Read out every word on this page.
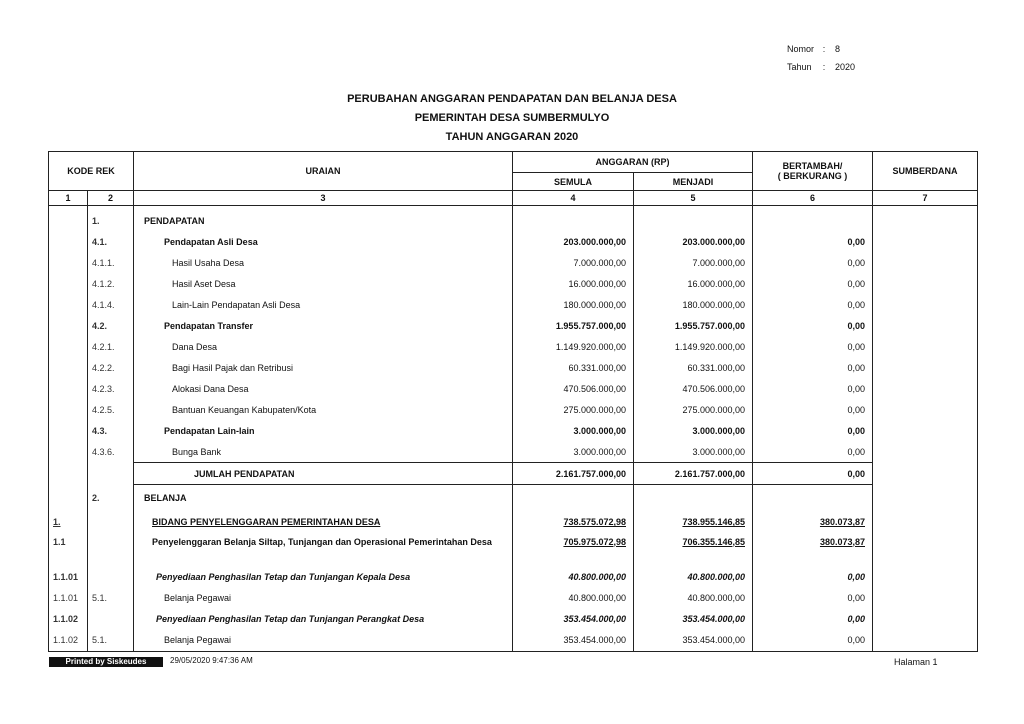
Nomor :	8
Tahun	:	2020
PERUBAHAN ANGGARAN PENDAPATAN DAN BELANJA DESA
PEMERINTAH DESA SUMBERMULYO
TAHUN ANGGARAN 2020
KODE REK		URAIAN	ANGGARAN (RP)		BERTAMBAH/
( BERKURANG )	SUMBERDANA
			SEMULA	MENJADI		
1	2	3	4	5	6	7
	1.	PENDAPATAN				
	4.1.	Pendapatan Asli Desa	203.000.000,00	203.000.000,00	0,00	
	4.1.1.	Hasil Usaha Desa	7.000.000,00	7.000.000,00	0,00	
	4.1.2.	Hasil Aset Desa	16.000.000,00	16.000.000,00	0,00	
	4.1.4.	Lain-Lain Pendapatan Asli Desa	180.000.000,00	180.000.000,00	0,00	
	4.2.	Pendapatan Transfer	1.955.757.000,00	1.955.757.000,00	0,00	
	4.2.1.	Dana Desa	1.149.920.000,00	1.149.920.000,00	0,00	
	4.2.2.	Bagi Hasil Pajak dan Retribusi	60.331.000,00	60.331.000,00	0,00	
	4.2.3.	Alokasi Dana Desa	470.506.000,00	470.506.000,00	0,00	
	4.2.5.	Bantuan Keuangan Kabupaten/Kota	275.000.000,00	275.000.000,00	0,00	
	4.3.	Pendapatan Lain-lain	3.000.000,00	3.000.000,00	0,00	
	4.3.6.	Bunga Bank	3.000.000,00	3.000.000,00	0,00	
		JUMLAH PENDAPATAN	2.161.757.000,00	2.161.757.000,00	0,00	
	2.	BELANJA				
1.		BIDANG PENYELENGGARAN PEMERINTAHAN DESA	738.575.072,98	738.955.146,85	380.073,87	
1.1		Penyelenggaran Belanja Siltap, Tunjangan dan Operasional Pemerintahan Desa	705.975.072,98	706.355.146,85	380.073,87	
1.1.01		Penyediaan Penghasilan Tetap dan Tunjangan Kepala Desa	40.800.000,00	40.800.000,00	0,00	
1.1.01	5.1.	Belanja Pegawai	40.800.000,00	40.800.000,00	0,00	
1.1.02		Penyediaan Penghasilan Tetap dan Tunjangan Perangkat Desa	353.454.000,00	353.454.000,00	0,00	
1.1.02	5.1.	Belanja Pegawai	353.454.000,00	353.454.000,00	0,00	
Printed by Siskeudes	29/05/2020 9:47:36 AM	Halaman 1
